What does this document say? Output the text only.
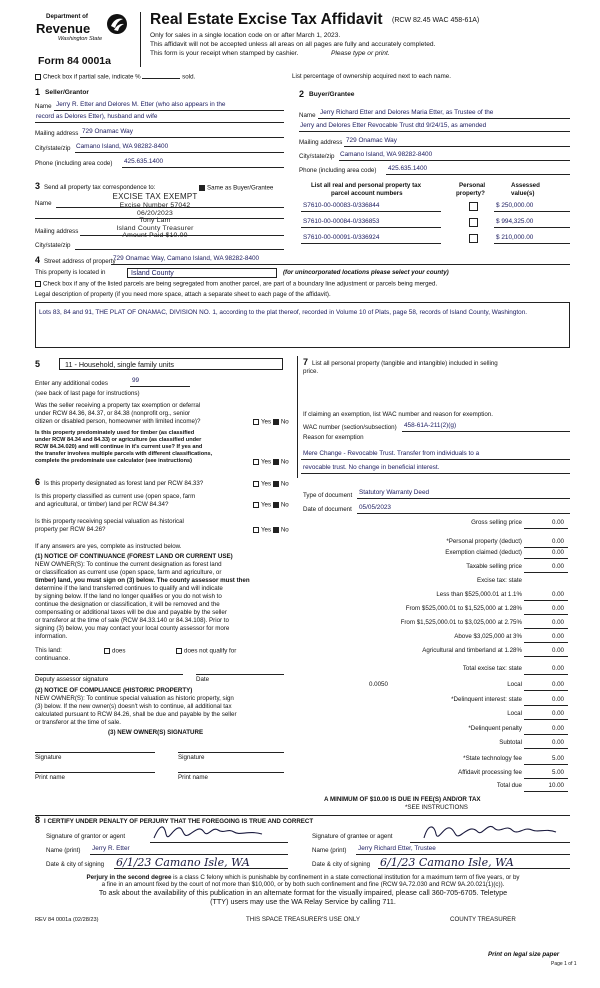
Department of
Revenue
Washington State
Form 84 0001a
Real Estate Excise Tax Affidavit (RCW 82.45 WAC 458-61A)
Only for sales in a single location code on or after March 1, 2023.
This affidavit will not be accepted unless all areas on all pages are fully and accurately completed.
This form is your receipt when stamped by cashier.	Please type or print.
Check box if partial sale, indicate %	sold.	List percentage of ownership acquired next to each name.
1 Seller/Grantor
Name Jerry R. Etter and Delores M. Etter (who also appears in the
record as Delores Etter), husband and wife
Mailing address 729 Onamac Way
City/state/zip Camano Island, WA 98282-8400
Phone (including area code) 425.635.1400
2 Buyer/Grantee
Name Jerry Richard Etter and Delores Maria Etter, as Trustee of the
Jerry and Delores Etter Revocable Trust dtd 9/24/15, as amended
Mailing address 729 Onamac Way
City/state/zip Camano Island, WA 98282-8400
Phone (including area code) 425.635.1400
3 Send all property tax correspondence to:	Same as Buyer/Grantee
Name
Mailing address
City/state/zip
EXCISE TAX EXEMPT
Excise Number 57042
06/20/2023
Tony Lam
Island County Treasurer
Amount Paid $10.00
List all real and personal property tax
parcel account numbers
Personal
property?
Assessed
value(s)
S7610-00-00083-0/336844	$ 250,000.00
S7610-00-00084-0/336853	$ 994,325.00
S7610-00-00091-0/336924	$ 210,000.00
4 Street address of property
729 Onamac Way, Camano Island, WA 98282-8400
This property is located in	Island County	(for unincorporated locations please select your county)
Check box if any of the listed parcels are being segregated from another parcel, are part of a boundary line adjustment or parcels being merged.
Legal description of property (if you need more space, attach a separate sheet to each page of the affidavit).
Lots 83, 84 and 91, THE PLAT OF ONAMAC, DIVISION NO. 1, according to the plat thereof, recorded in Volume 10 of Plats, page 58, records of Island County, Washington.
5	11 - Household, single family units
Enter any additional codes	99
(see back of last page for instructions)
Was the seller receiving a property tax exemption or deferral
under RCW 84.36, 84.37, or 84.38 (nonprofit org., senior
citizen or disabled person, homeowner with limited income)?	Yes No
Is this property predominately used for timber (as classified
under RCW 84.34 and 84.33) or agriculture (as classified under
RCW 84.34.020) and will continue in it's current use? If yes and
the transfer involves multiple parcels with different classifications,
complete the predominate use calculator (see instructions)	Yes No
6 Is this property designated as forest land per RCW 84.33?	Yes No
Is this property classified as current use (open space, farm
and agricultural, or timber) land per RCW 84.34?	Yes No
Is this property receiving special valuation as historical
property per RCW 84.26?	Yes No
If any answers are yes, complete as instructed below.
(1) NOTICE OF CONTINUANCE (FOREST LAND OR CURRENT USE)
NEW OWNER(S): To continue the current designation as forest land
or classification as current use (open space, farm and agriculture, or
timber) land, you must sign on (3) below. The county assessor must then
determine if the land transferred continues to qualify and will indicate
by signing below. If the land no longer qualifies or you do not wish to
continue the designation or classification, it will be removed and the
compensating or additional taxes will be due and payable by the seller
or transferor at the time of sale (RCW 84.33.140 or 84.34.108). Prior to
signing (3) below, you may contact your local county assessor for more
information.
This land:	does	does not qualify for
continuance.
Deputy assessor signature	Date
(2) NOTICE OF COMPLIANCE (HISTORIC PROPERTY)
NEW OWNER(S): To continue special valuation as historic property, sign
(3) below. If the new owner(s) doesn't wish to continue, all additional tax
calculated pursuant to RCW 84.26, shall be due and payable by the seller
or transferor at the time of sale.
(3) NEW OWNER(S) SIGNATURE
Signature	Signature
Print name	Print name
7 List all personal property (tangible and intangible) included in selling
price.
If claiming an exemption, list WAC number and reason for exemption.
WAC number (section/subsection) 458-61A-211(2)(g)
Reason for exemption
Mere Change - Revocable Trust. Transfer from individuals to a
revocable trust. No change in beneficial interest.
Type of document Statutory Warranty Deed
Date of document 05/05/2023
Gross selling price	0.00
*Personal property (deduct)	0.00
Exemption claimed (deduct)	0.00
Taxable selling price	0.00
Excise tax: state
Less than $525,000.01 at 1.1%	0.00
From $525,000.01 to $1,525,000 at 1.28%	0.00
From $1,525,000.01 to $3,025,000 at 2.75%	0.00
Above $3,025,000 at 3%	0.00
Agricultural and timberland at 1.28%	0.00
Total excise tax: state	0.00
Local	0.00
*Delinquent interest: state	0.00
Local	0.00
*Delinquent penalty	0.00
Subtotal	0.00
*State technology fee	5.00
Affidavit processing fee	5.00
Total due	10.00
0.0050
A MINIMUM OF $10.00 IS DUE IN FEE(S) AND/OR TAX
*SEE INSTRUCTIONS
8 I CERTIFY UNDER PENALTY OF PERJURY THAT THE FOREGOING IS TRUE AND CORRECT
Signature of grantor or agent	Signature of grantee or agent
Name (print) Jerry R. Etter	Name (print) Jerry Richard Etter, Trustee
Date & city of signing 6/1/23 Camano Isle, WA	Date & city of signing 6/1/23 Camano Isle, WA
Perjury in the second degree is a class C felony which is punishable by confinement in a state correctional institution for a maximum term of five years, or by
a fine in an amount fixed by the court of not more than $10,000, or by both such confinement and fine (RCW 9A.72.030 and RCW 9A.20.021(1)(c)).
To ask about the availability of this publication in an alternate format for the visually impaired, please call 360-705-6705. Teletype
(TTY) users may use the WA Relay Service by calling 711.
REV 84 0001a (02/28/23)	THIS SPACE TREASURER'S USE ONLY	COUNTY TREASURER
Print on legal size paper
Page 1 of 1
